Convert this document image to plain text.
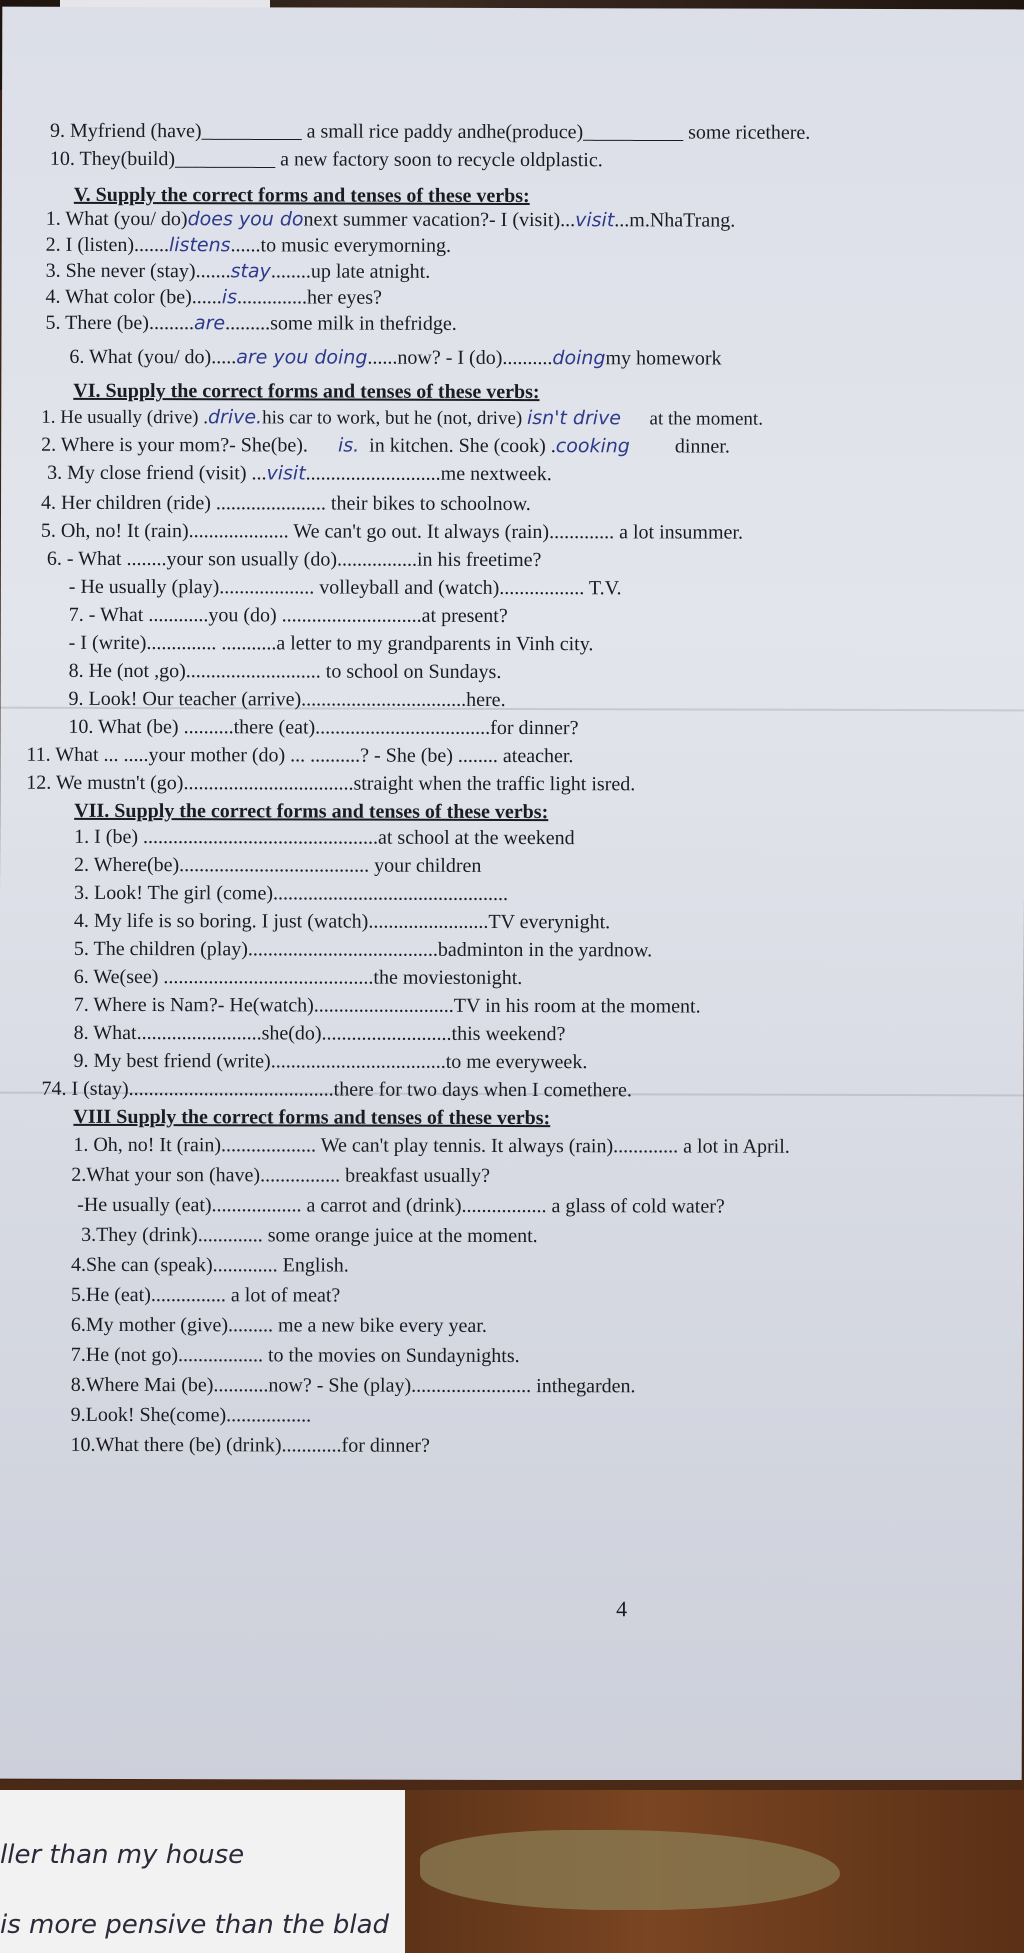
9. Myfriend (have)__________ a small rice paddy andhe(produce)__________ some ricethere.
10. They(build)__________ a new factory soon to recycle oldplastic.
V. Supply the correct forms and tenses of these verbs:
1. What (you/ do)does you donext summer vacation?- I (visit)...visit...m.NhaTrang.
2. I (listen).......listens......to music everymorning.
3. She never (stay).......stay........up late atnight.
4. What color (be)......is..............her eyes?
5. There (be).........are.........some milk in thefridge.
6. What (you/ do).....are you doing......now? - I (do)..........doingmy homework
VI. Supply the correct forms and tenses of these verbs:
1. He usually (drive) .drive.his car to work, but he (not, drive) isn't drive at the moment.
2. Where is your mom?- She(be). is. in kitchen. She (cook) .cooking dinner.
3. My close friend (visit) ...visit...........................me nextweek.
4. Her children (ride) ...................... their bikes to schoolnow.
5. Oh, no! It (rain).................... We can't go out. It always (rain)............. a lot insummer.
6. - What ........your son usually (do)................in his freetime?
- He usually (play)................... volleyball and (watch)................. T.V.
7. - What ............you (do) ............................at present?
- I (write).............. ...........a letter to my grandparents in Vinh city.
8. He (not ,go)........................... to school on Sundays.
9. Look! Our teacher (arrive).................................here.
10. What (be) ..........there (eat)...................................for dinner?
11. What ... .....your mother (do) ... ..........? - She (be) ........ ateacher.
12. We mustn't (go)..................................straight when the traffic light isred.
VII. Supply the correct forms and tenses of these verbs:
1. I (be) ...............................................at school at the weekend
2. Where(be)...................................... your children
3. Look! The girl (come)...............................................
4. My life is so boring. I just (watch)........................TV everynight.
5. The children (play)......................................badminton in the yardnow.
6. We(see) ..........................................the moviestonight.
7. Where is Nam?- He(watch)............................TV in his room at the moment.
8. What.........................she(do)..........................this weekend?
9. My best friend (write)...................................to me everyweek.
74. I (stay).........................................there for two days when I comethere.
VIII Supply the correct forms and tenses of these verbs:
1. Oh, no! It (rain)................... We can't play tennis. It always (rain)............. a lot in April.
2.What your son (have)................ breakfast usually?
-He usually (eat).................. a carrot and (drink)................. a glass of cold water?
3.They (drink)............. some orange juice at the moment.
4.She can (speak)............. English.
5.He (eat)............... a lot of meat?
6.My mother (give)......... me a new bike every year.
7.He (not go)................. to the movies on Sundaynights.
8.Where Mai (be)...........now? - She (play)........................ inthegarden.
9.Look! She(come).................
10.What there (be) (drink)............for dinner?
4
ller than my house
is more pensive than the blad
